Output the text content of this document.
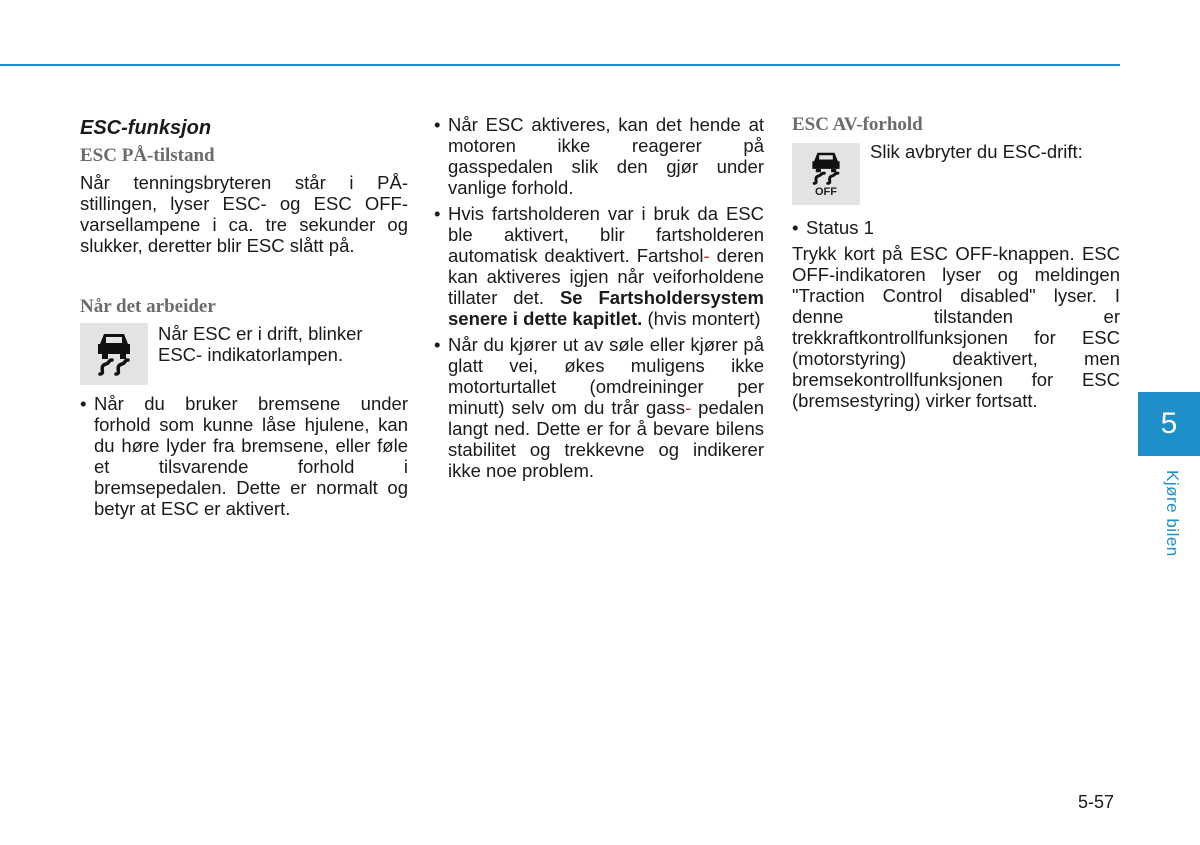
ESC-funksjon
ESC PÅ-tilstand

Når tenningsbryteren står i PÅ-stillingen, lyser ESC- og ESC OFF-varsellampene i ca. tre sekunder og slukker, deretter blir ESC slått på.

Når det arbeider

Når ESC er i drift, blinker ESC- indikatorlampen.

• Når du bruker bremsene under forhold som kunne låse hjulene, kan du høre lyder fra bremsene, eller føle et tilsvarende forhold i bremsepedalen. Dette er normalt og betyr at ESC er aktivert.
• Når ESC aktiveres, kan det hende at motoren ikke reagerer på gasspedalen slik den gjør under vanlige forhold.
• Hvis fartsholderen var i bruk da ESC ble aktivert, blir fartsholderen automatisk deaktivert. Fartshol- deren kan aktiveres igjen når veiforholdene tillater det. Se Fartsholdersystem senere i dette kapitlet. (hvis montert)
• Når du kjører ut av søle eller kjører på glatt vei, økes muligens ikke motorturtallet (omdreininger per minutt) selv om du trår gass- pedalen langt ned. Dette er for å bevare bilens stabilitet og trekkevne og indikerer ikke noe problem.
ESC AV-forhold
OFF

Slik avbryter du ESC-drift:

• Status 1

Trykk kort på ESC OFF-knappen. ESC OFF-indikatoren lyser og meldingen "Traction Control disabled" lyser. I denne tilstanden er trekkraftkontrollfunksjonen for ESC (motorstyring) deaktivert, men bremsekontrollfunksjonen for ESC (bremsestyring) virker fortsatt.

5
Kjøre bilen
5-57
